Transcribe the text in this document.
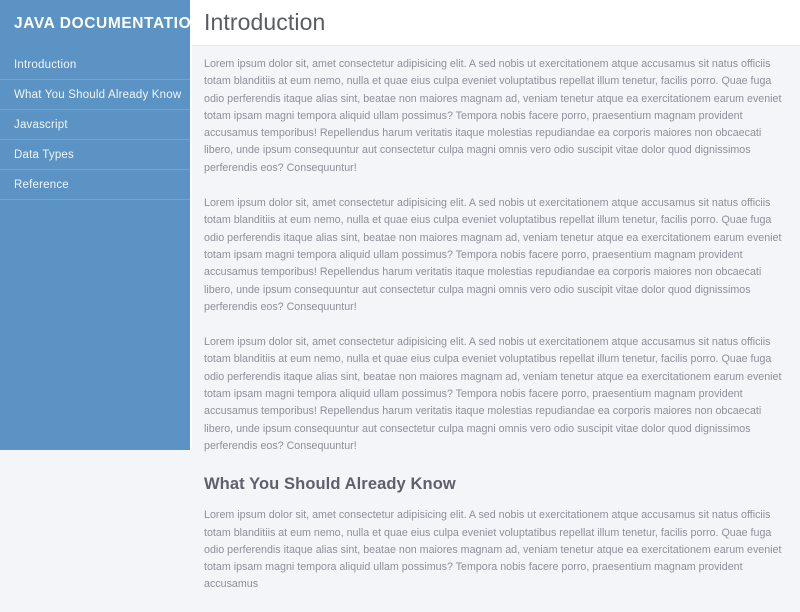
JAVA DOCUMENTATION
Introduction
What You Should Already Know
Javascript
Data Types
Reference
Introduction

Lorem ipsum dolor sit, amet consectetur adipisicing elit. A sed nobis ut exercitationem atque accusamus sit natus officiis totam blanditiis at eum nemo, nulla et quae eius culpa eveniet voluptatibus repellat illum tenetur, facilis porro. Quae fuga odio perferendis itaque alias sint, beatae non maiores magnam ad, veniam tenetur atque ea exercitationem earum eveniet totam ipsam magni tempora aliquid ullam possimus? Tempora nobis facere porro, praesentium magnam provident accusamus temporibus! Repellendus harum veritatis itaque molestias repudiandae ea corporis maiores non obcaecati libero, unde ipsum consequuntur aut consectetur culpa magni omnis vero odio suscipit vitae dolor quod dignissimos perferendis eos? Consequuntur!

Lorem ipsum dolor sit, amet consectetur adipisicing elit. A sed nobis ut exercitationem atque accusamus sit natus officiis totam blanditiis at eum nemo, nulla et quae eius culpa eveniet voluptatibus repellat illum tenetur, facilis porro. Quae fuga odio perferendis itaque alias sint, beatae non maiores magnam ad, veniam tenetur atque ea exercitationem earum eveniet totam ipsam magni tempora aliquid ullam possimus? Tempora nobis facere porro, praesentium magnam provident accusamus temporibus! Repellendus harum veritatis itaque molestias repudiandae ea corporis maiores non obcaecati libero, unde ipsum consequuntur aut consectetur culpa magni omnis vero odio suscipit vitae dolor quod dignissimos perferendis eos? Consequuntur!

Lorem ipsum dolor sit, amet consectetur adipisicing elit. A sed nobis ut exercitationem atque accusamus sit natus officiis totam blanditiis at eum nemo, nulla et quae eius culpa eveniet voluptatibus repellat illum tenetur, facilis porro. Quae fuga odio perferendis itaque alias sint, beatae non maiores magnam ad, veniam tenetur atque ea exercitationem earum eveniet totam ipsam magni tempora aliquid ullam possimus? Tempora nobis facere porro, praesentium magnam provident accusamus temporibus! Repellendus harum veritatis itaque molestias repudiandae ea corporis maiores non obcaecati libero, unde ipsum consequuntur aut consectetur culpa magni omnis vero odio suscipit vitae dolor quod dignissimos perferendis eos? Consequuntur!

What You Should Already Know

Lorem ipsum dolor sit, amet consectetur adipisicing elit. A sed nobis ut exercitationem atque accusamus sit natus officiis totam blanditiis at eum nemo, nulla et quae eius culpa eveniet voluptatibus repellat illum tenetur, facilis porro. Quae fuga odio perferendis itaque alias sint, beatae non maiores magnam ad, veniam tenetur atque ea exercitationem earum eveniet totam ipsam magni tempora aliquid ullam possimus? Tempora nobis facere porro, praesentium magnam provident accusamus
